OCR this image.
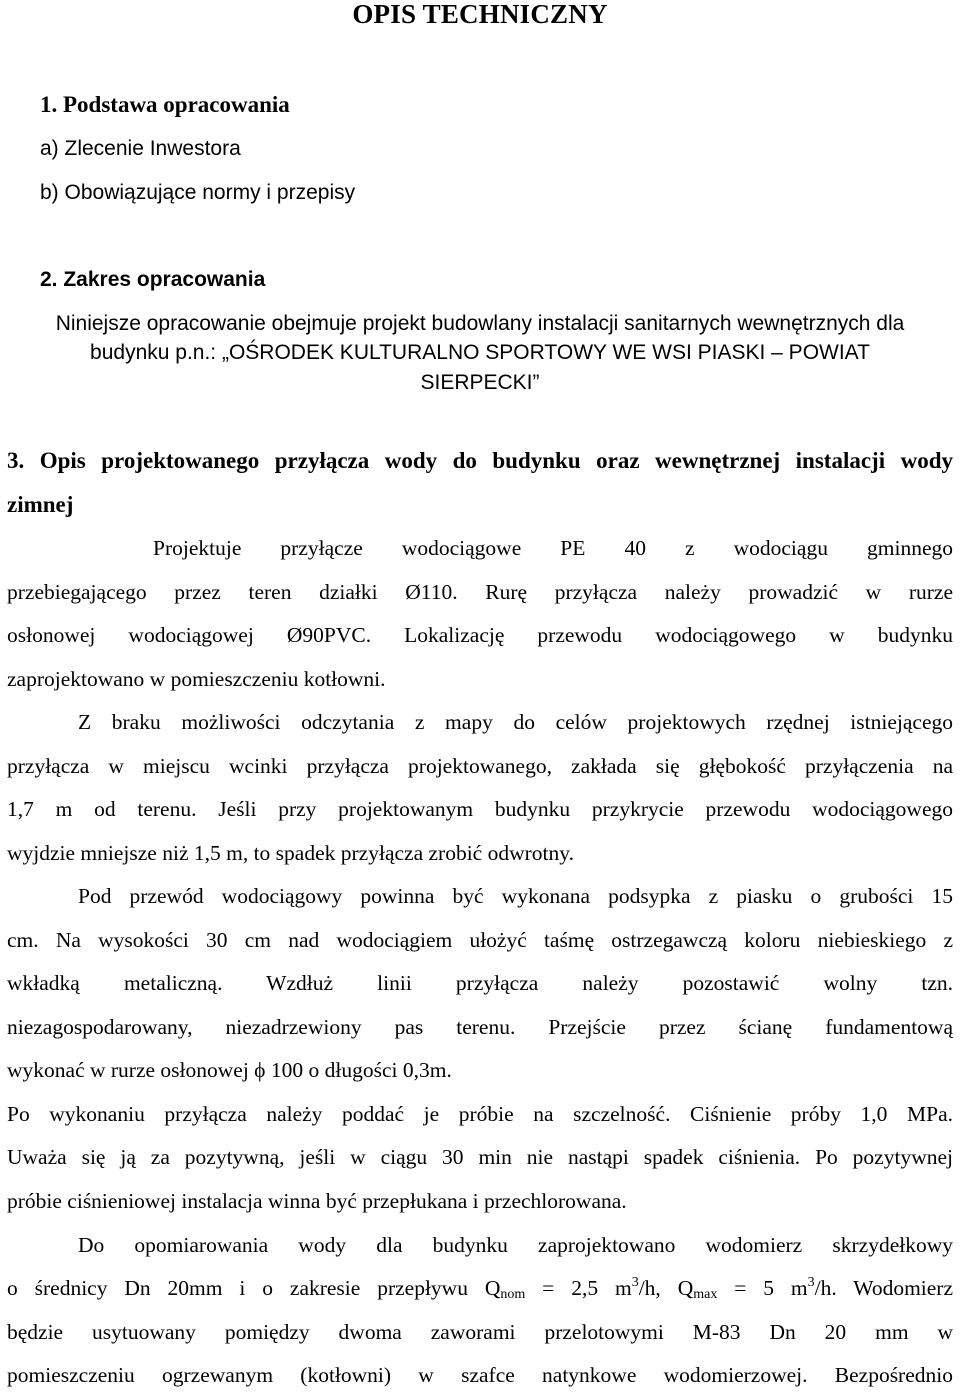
OPIS TECHNICZNY
1. Podstawa opracowania
a) Zlecenie Inwestora
b) Obowiązujące normy i przepisy
2. Zakres opracowania
Niniejsze opracowanie obejmuje projekt budowlany instalacji sanitarnych wewnętrznych dla
budynku p.n.: „OŚRODEK KULTURALNO SPORTOWY WE WSI PIASKI – POWIAT
SIERPECKI”
3. Opis projektowanego przyłącza wody do budynku oraz wewnętrznej instalacji wody
zimnej
Projektuje przyłącze wodociągowe PE 40 z wodociągu gminnego
przebiegającego przez teren działki Ø110. Rurę przyłącza należy prowadzić w rurze
osłonowej wodociągowej Ø90PVC. Lokalizację przewodu wodociągowego w budynku
zaprojektowano w pomieszczeniu kotłowni.
Z braku możliwości odczytania z mapy do celów projektowych rzędnej istniejącego
przyłącza w miejscu wcinki przyłącza projektowanego, zakłada się głębokość przyłączenia na
1,7 m od terenu. Jeśli przy projektowanym budynku przykrycie przewodu wodociągowego
wyjdzie mniejsze niż 1,5 m, to spadek przyłącza zrobić odwrotny.
Pod przewód wodociągowy powinna być wykonana podsypka z piasku o grubości 15
cm. Na wysokości 30 cm nad wodociągiem ułożyć taśmę ostrzegawczą koloru niebieskiego z
wkładką metaliczną. Wzdłuż linii przyłącza należy pozostawić wolny tzn.
niezagospodarowany, niezadrzewiony pas terenu. Przejście przez ścianę fundamentową
wykonać w rurze osłonowej ϕ 100 o długości 0,3m.
Po wykonaniu przyłącza należy poddać je próbie na szczelność. Ciśnienie próby 1,0 MPa.
Uważa się ją za pozytywną, jeśli w ciągu 30 min nie nastąpi spadek ciśnienia. Po pozytywnej
próbie ciśnieniowej instalacja winna być przepłukana i przechlorowana.
Do opomiarowania wody dla budynku zaprojektowano wodomierz skrzydełkowy
o średnicy Dn 20mm i o zakresie przepływu $Q_{nom} = 2,5$ $m^3/h$, $Q_{max} = 5$ $m^3/h$. Wodomierz
będzie usytuowany pomiędzy dwoma zaworami przelotowymi M-83 Dn 20 mm w
pomieszczeniu ogrzewanym (kotłowni) w szafce natynkowe wodomierzowej. Bezpośrednio
